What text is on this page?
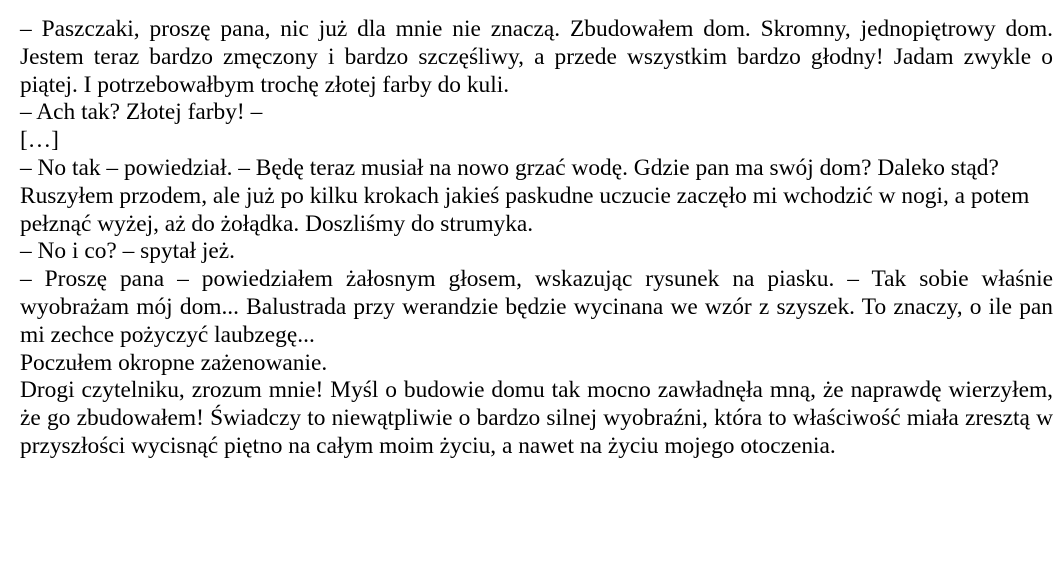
– Paszczaki, proszę pana, nic już dla mnie nie znaczą. Zbudowałem dom. Skromny, jednopiętrowy dom. Jestem teraz bardzo zmęczony i bardzo szczęśliwy, a przede wszystkim bardzo głodny! Jadam zwykle o piątej. I potrzebowałbym trochę złotej farby do kuli.

– Ach tak? Złotej farby! –

[…]

– No tak – powiedział. – Będę teraz musiał na nowo grzać wodę. Gdzie pan ma swój dom? Daleko stąd?

Ruszyłem przodem, ale już po kilku krokach jakieś paskudne uczucie zaczęło mi wchodzić w nogi, a potem pełznąć wyżej, aż do żołądka. Doszliśmy do strumyka.

– No i co? – spytał jeż.

– Proszę pana – powiedziałem żałosnym głosem, wskazując rysunek na piasku. – Tak sobie właśnie wyobrażam mój dom... Balustrada przy werandzie będzie wycinana we wzór z szyszek. To znaczy, o ile pan mi zechce pożyczyć laubzegę...

Poczułem okropne zażenowanie.

Drogi czytelniku, zrozum mnie! Myśl o budowie domu tak mocno zawładnęła mną, że naprawdę wierzyłem, że go zbudowałem! Świadczy to niewątpliwie o bardzo silnej wyobraźni, która to właściwość miała zresztą w przyszłości wycisnąć piętno na całym moim życiu, a nawet na życiu mojego otoczenia.
